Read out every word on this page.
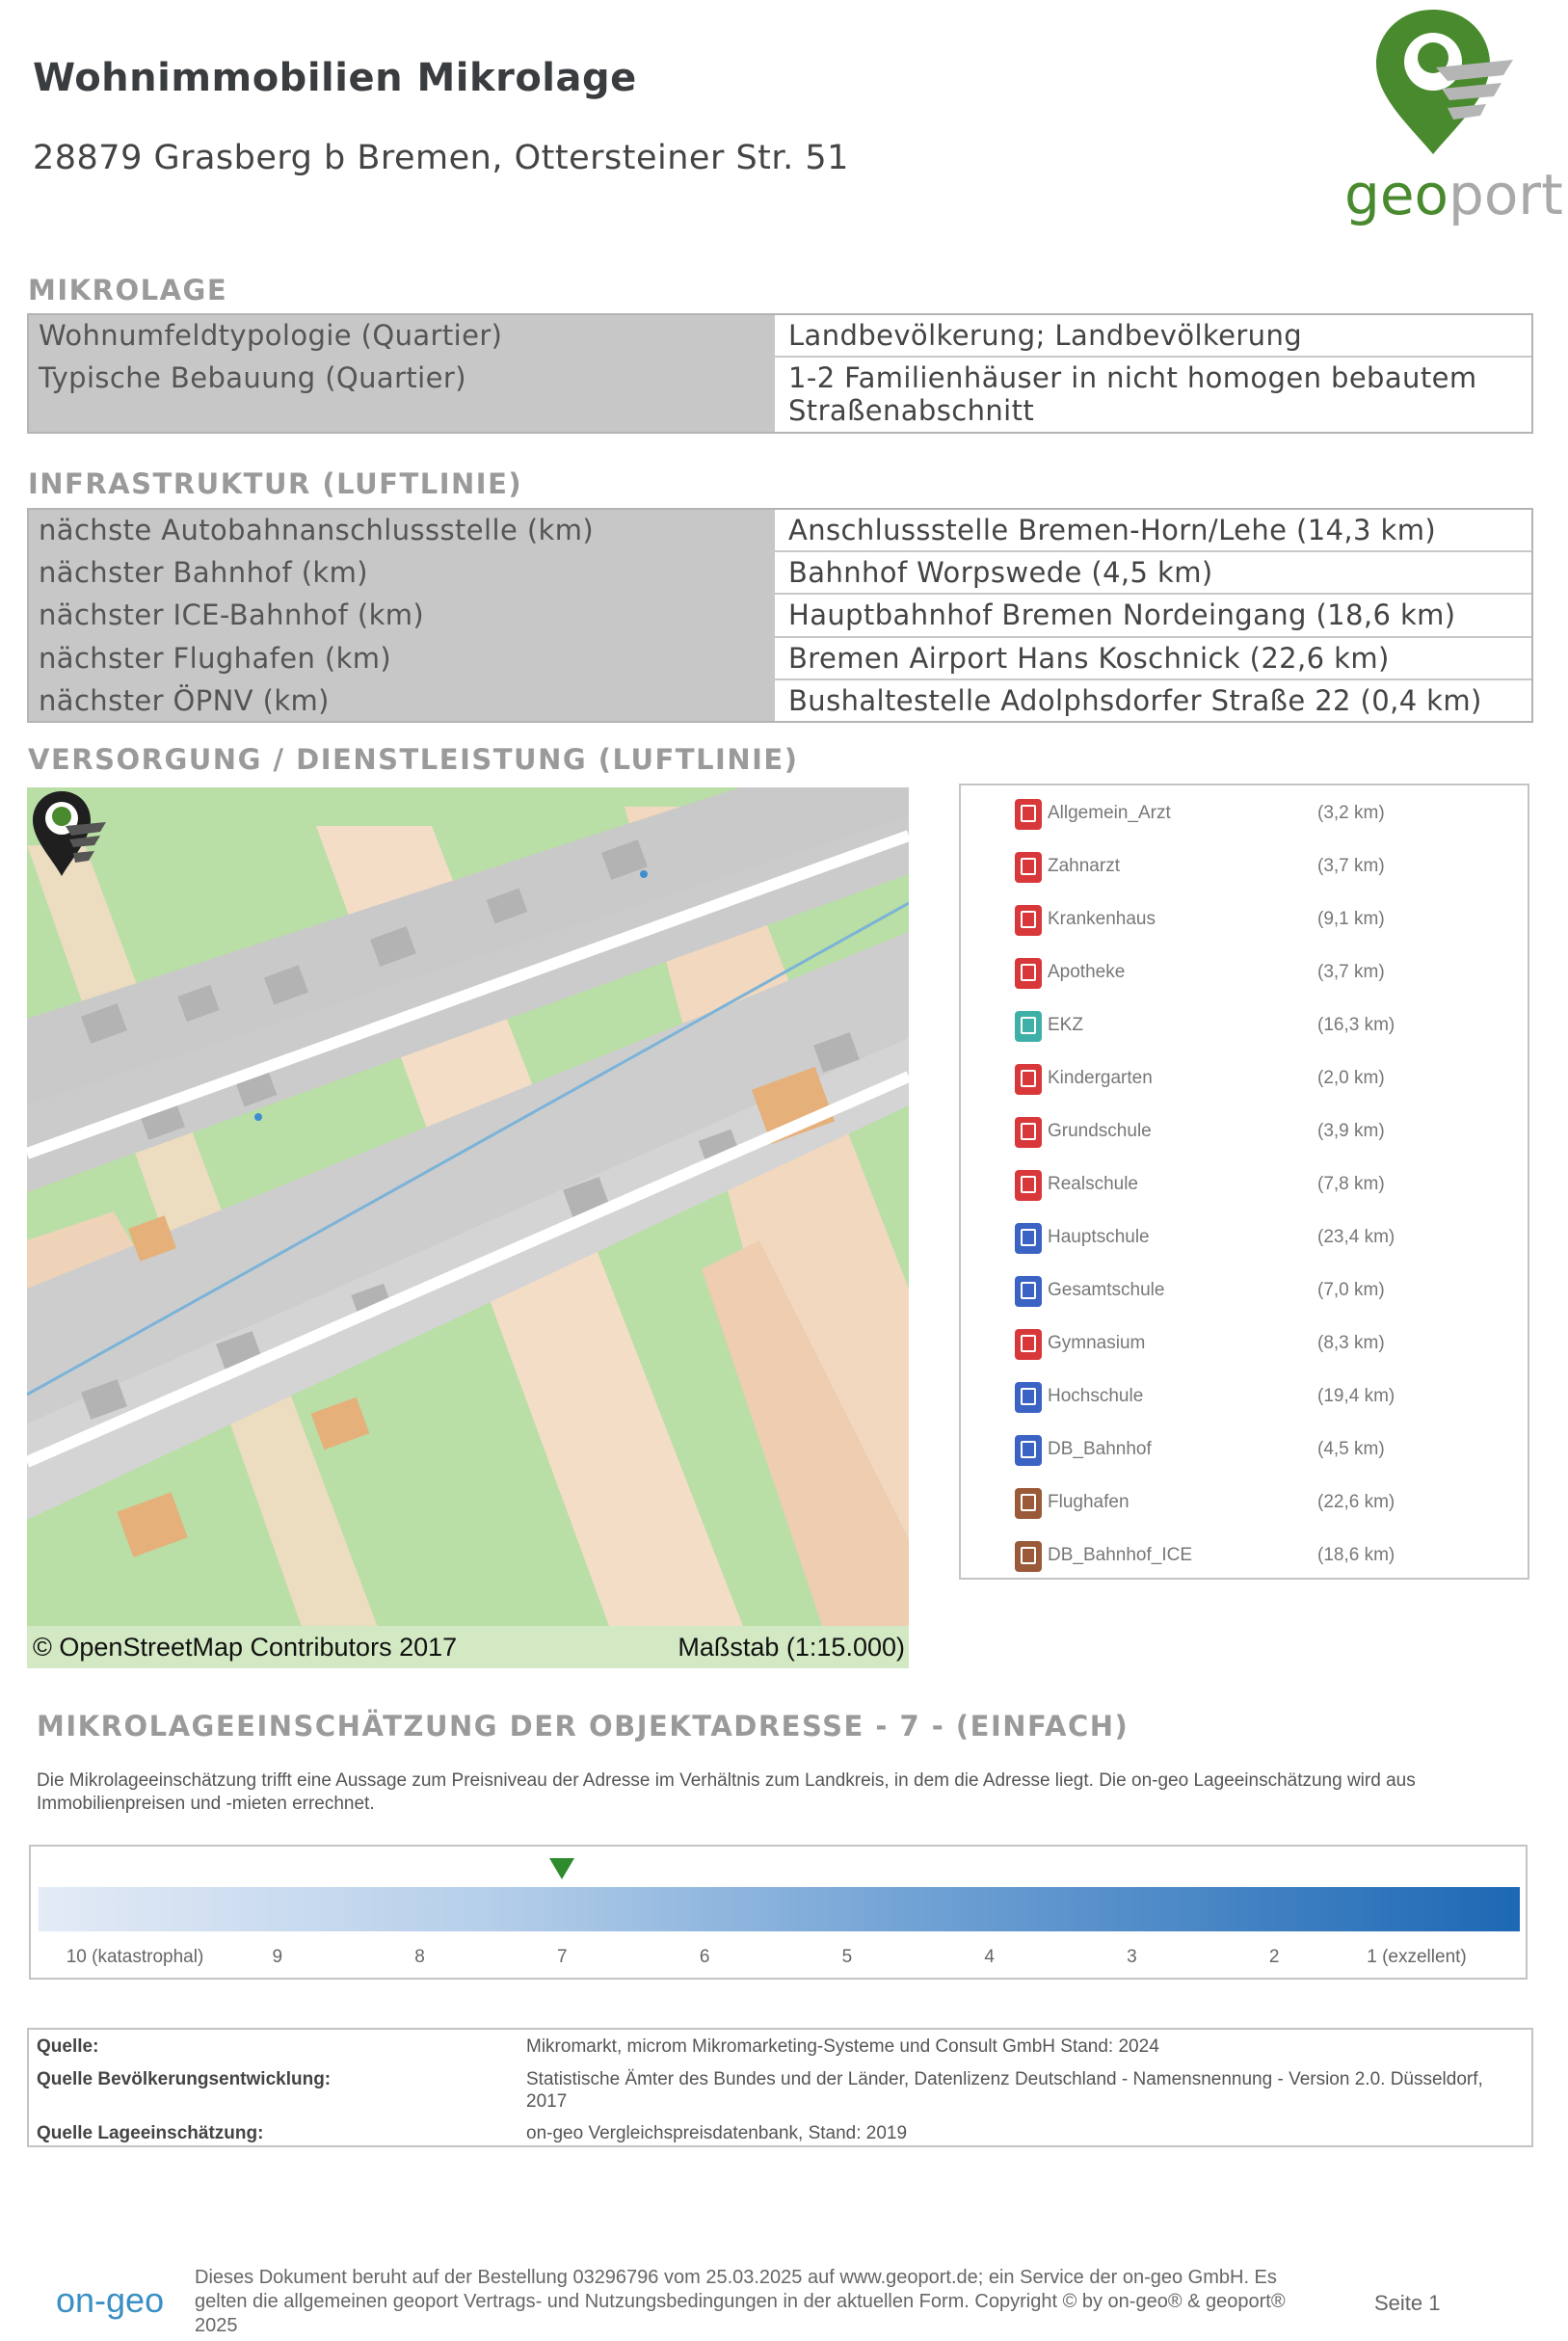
Wohnimmobilien Mikrolage
28879 Grasberg b Bremen, Ottersteiner Str. 51
geoport
MIKROLAGE
Wohnumfeldtypologie (Quartier)	Landbevölkerung; Landbevölkerung
Typische Bebauung (Quartier)	1-2 Familienhäuser in nicht homogen bebautem Straßenabschnitt
INFRASTRUKTUR (LUFTLINIE)
nächste Autobahnanschlussstelle (km)	Anschlussstelle Bremen-Horn/Lehe (14,3 km)
nächster Bahnhof (km)	Bahnhof Worpswede (4,5 km)
nächster ICE-Bahnhof (km)	Hauptbahnhof Bremen Nordeingang (18,6 km)
nächster Flughafen (km)	Bremen Airport Hans Koschnick (22,6 km)
nächster ÖPNV (km)	Bushaltestelle Adolphsdorfer Straße 22 (0,4 km)
VERSORGUNG / DIENSTLEISTUNG (LUFTLINIE)
© OpenStreetMap Contributors 2017	Maßstab (1:15.000)
Allgemein_Arzt	(3,2 km)
Zahnarzt	(3,7 km)
Krankenhaus	(9,1 km)
Apotheke	(3,7 km)
EKZ	(16,3 km)
Kindergarten	(2,0 km)
Grundschule	(3,9 km)
Realschule	(7,8 km)
Hauptschule	(23,4 km)
Gesamtschule	(7,0 km)
Gymnasium	(8,3 km)
Hochschule	(19,4 km)
DB_Bahnhof	(4,5 km)
Flughafen	(22,6 km)
DB_Bahnhof_ICE	(18,6 km)
MIKROLAGEEINSCHÄTZUNG DER OBJEKTADRESSE - 7 - (EINFACH)
Die Mikrolageeinschätzung trifft eine Aussage zum Preisniveau der Adresse im Verhältnis zum Landkreis, in dem die Adresse liegt. Die on-geo Lageeinschätzung wird aus Immobilienpreisen und -mieten errechnet.
10 (katastrophal)	9	8	7	6	5	4	3	2	1 (exzellent)
Quelle:	Mikromarkt, microm Mikromarketing-Systeme und Consult GmbH Stand: 2024
Quelle Bevölkerungsentwicklung:	Statistische Ämter des Bundes und der Länder, Datenlizenz Deutschland - Namensnennung - Version 2.0. Düsseldorf, 2017
Quelle Lageeinschätzung:	on-geo Vergleichspreisdatenbank, Stand: 2019
on-geo
Dieses Dokument beruht auf der Bestellung 03296796 vom 25.03.2025 auf www.geoport.de; ein Service der on-geo GmbH. Es gelten die allgemeinen geoport Vertrags- und Nutzungsbedingungen in der aktuellen Form. Copyright © by on-geo® & geoport® 2025
Seite 1
